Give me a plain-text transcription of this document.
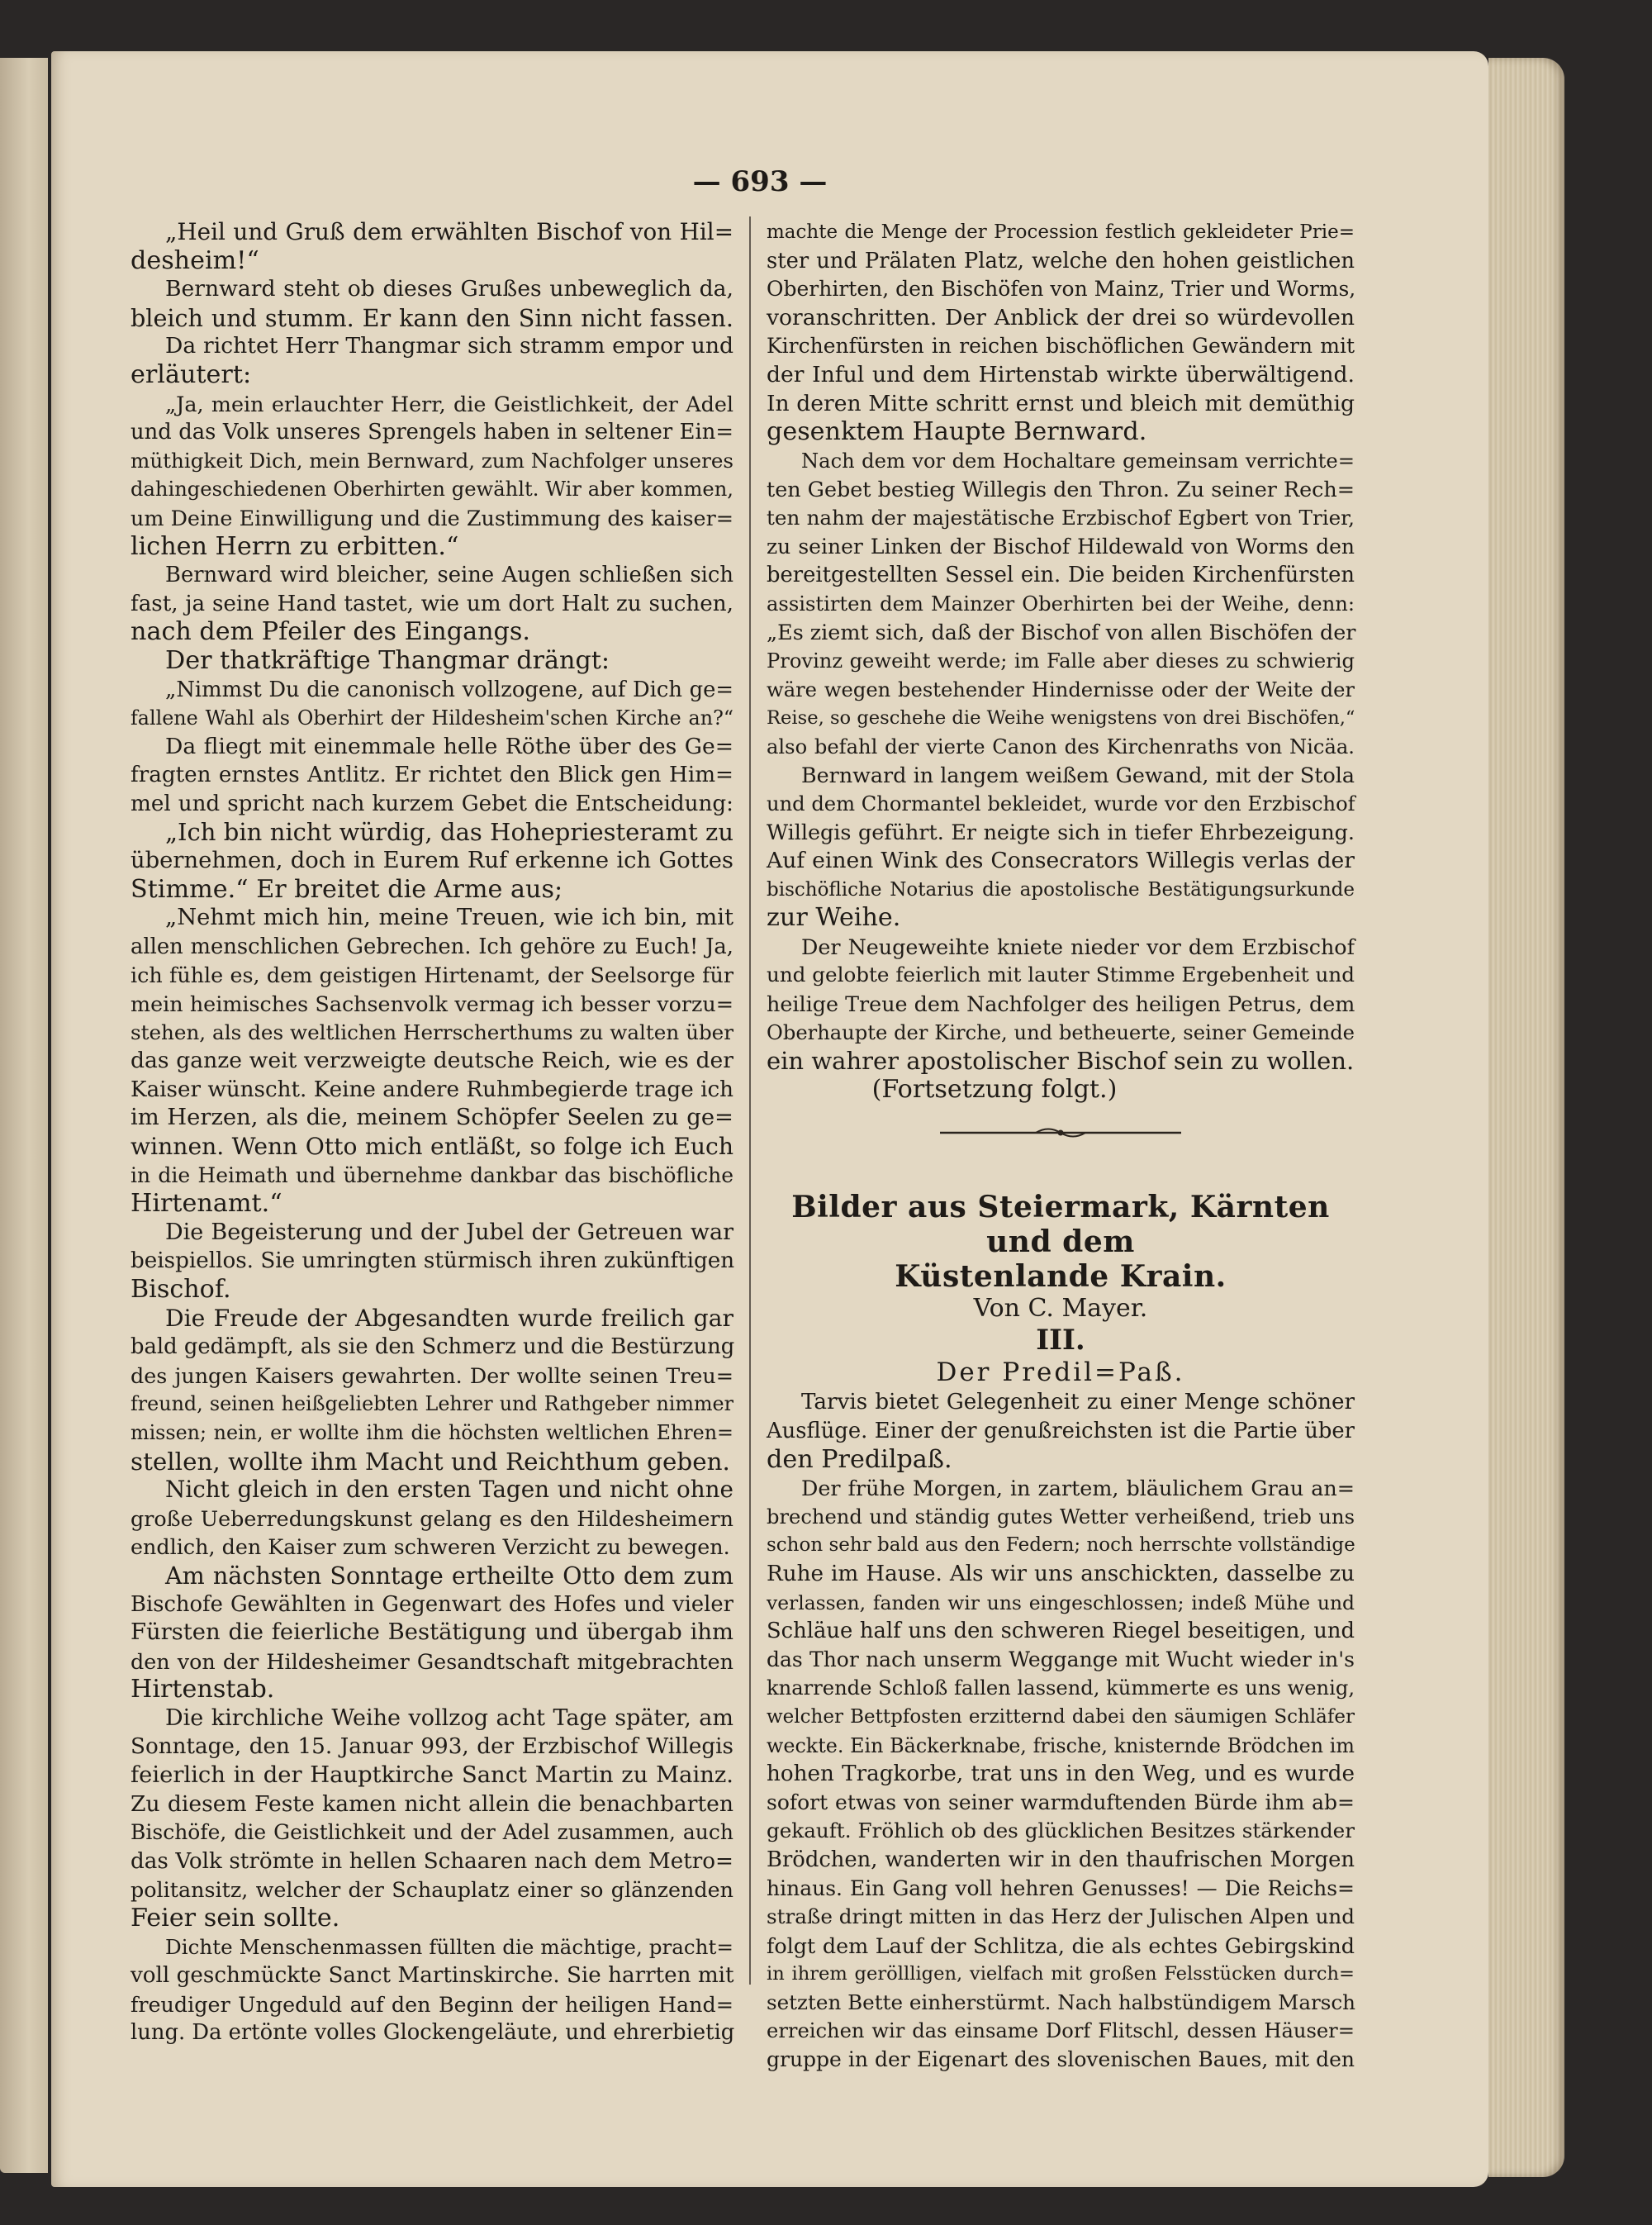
— 693 —
„Heil und Gruß dem erwählten Bischof von Hil=
desheim!“
Bernward steht ob dieses Grußes unbeweglich da,
bleich und stumm. Er kann den Sinn nicht fassen.
Da richtet Herr Thangmar sich stramm empor und
erläutert:
„Ja, mein erlauchter Herr, die Geistlichkeit, der Adel
und das Volk unseres Sprengels haben in seltener Ein=
müthigkeit Dich, mein Bernward, zum Nachfolger unseres
dahingeschiedenen Oberhirten gewählt. Wir aber kommen,
um Deine Einwilligung und die Zustimmung des kaiser=
lichen Herrn zu erbitten.“
Bernward wird bleicher, seine Augen schließen sich
fast, ja seine Hand tastet, wie um dort Halt zu suchen,
nach dem Pfeiler des Eingangs.
Der thatkräftige Thangmar drängt:
„Nimmst Du die canonisch vollzogene, auf Dich ge=
fallene Wahl als Oberhirt der Hildesheim'schen Kirche an?“
Da fliegt mit einemmale helle Röthe über des Ge=
fragten ernstes Antlitz. Er richtet den Blick gen Him=
mel und spricht nach kurzem Gebet die Entscheidung:
„Ich bin nicht würdig, das Hohepriesteramt zu
übernehmen, doch in Eurem Ruf erkenne ich Gottes
Stimme.“ Er breitet die Arme aus;
„Nehmt mich hin, meine Treuen, wie ich bin, mit
allen menschlichen Gebrechen. Ich gehöre zu Euch! Ja,
ich fühle es, dem geistigen Hirtenamt, der Seelsorge für
mein heimisches Sachsenvolk vermag ich besser vorzu=
stehen, als des weltlichen Herrscherthums zu walten über
das ganze weit verzweigte deutsche Reich, wie es der
Kaiser wünscht. Keine andere Ruhmbegierde trage ich
im Herzen, als die, meinem Schöpfer Seelen zu ge=
winnen. Wenn Otto mich entläßt, so folge ich Euch
in die Heimath und übernehme dankbar das bischöfliche
Hirtenamt.“
Die Begeisterung und der Jubel der Getreuen war
beispiellos. Sie umringten stürmisch ihren zukünftigen
Bischof.
Die Freude der Abgesandten wurde freilich gar
bald gedämpft, als sie den Schmerz und die Bestürzung
des jungen Kaisers gewahrten. Der wollte seinen Treu=
freund, seinen heißgeliebten Lehrer und Rathgeber nimmer
missen; nein, er wollte ihm die höchsten weltlichen Ehren=
stellen, wollte ihm Macht und Reichthum geben.
Nicht gleich in den ersten Tagen und nicht ohne
große Ueberredungskunst gelang es den Hildesheimern
endlich, den Kaiser zum schweren Verzicht zu bewegen.
Am nächsten Sonntage ertheilte Otto dem zum
Bischofe Gewählten in Gegenwart des Hofes und vieler
Fürsten die feierliche Bestätigung und übergab ihm
den von der Hildesheimer Gesandtschaft mitgebrachten
Hirtenstab.
Die kirchliche Weihe vollzog acht Tage später, am
Sonntage, den 15. Januar 993, der Erzbischof Willegis
feierlich in der Hauptkirche Sanct Martin zu Mainz.
Zu diesem Feste kamen nicht allein die benachbarten
Bischöfe, die Geistlichkeit und der Adel zusammen, auch
das Volk strömte in hellen Schaaren nach dem Metro=
politansitz, welcher der Schauplatz einer so glänzenden
Feier sein sollte.
Dichte Menschenmassen füllten die mächtige, pracht=
voll geschmückte Sanct Martinskirche. Sie harrten mit
freudiger Ungeduld auf den Beginn der heiligen Hand=
lung. Da ertönte volles Glockengeläute, und ehrerbietig
machte die Menge der Procession festlich gekleideter Prie=
ster und Prälaten Platz, welche den hohen geistlichen
Oberhirten, den Bischöfen von Mainz, Trier und Worms,
voranschritten. Der Anblick der drei so würdevollen
Kirchenfürsten in reichen bischöflichen Gewändern mit
der Inful und dem Hirtenstab wirkte überwältigend.
In deren Mitte schritt ernst und bleich mit demüthig
gesenktem Haupte Bernward.
Nach dem vor dem Hochaltare gemeinsam verrichte=
ten Gebet bestieg Willegis den Thron. Zu seiner Rech=
ten nahm der majestätische Erzbischof Egbert von Trier,
zu seiner Linken der Bischof Hildewald von Worms den
bereitgestellten Sessel ein. Die beiden Kirchenfürsten
assistirten dem Mainzer Oberhirten bei der Weihe, denn:
„Es ziemt sich, daß der Bischof von allen Bischöfen der
Provinz geweiht werde; im Falle aber dieses zu schwierig
wäre wegen bestehender Hindernisse oder der Weite der
Reise, so geschehe die Weihe wenigstens von drei Bischöfen,“
also befahl der vierte Canon des Kirchenraths von Nicäa.
Bernward in langem weißem Gewand, mit der Stola
und dem Chormantel bekleidet, wurde vor den Erzbischof
Willegis geführt. Er neigte sich in tiefer Ehrbezeigung.
Auf einen Wink des Consecrators Willegis verlas der
bischöfliche Notarius die apostolische Bestätigungsurkunde
zur Weihe.
Der Neugeweihte kniete nieder vor dem Erzbischof
und gelobte feierlich mit lauter Stimme Ergebenheit und
heilige Treue dem Nachfolger des heiligen Petrus, dem
Oberhaupte der Kirche, und betheuerte, seiner Gemeinde
ein wahrer apostolischer Bischof sein zu wollen.
(Fortsetzung folgt.)
Bilder aus Steiermark, Kärnten und dem
Küstenlande Krain.
Von C. Mayer.
III.
Der Predil=Paß.
Tarvis bietet Gelegenheit zu einer Menge schöner
Ausflüge. Einer der genußreichsten ist die Partie über
den Predilpaß.
Der frühe Morgen, in zartem, bläulichem Grau an=
brechend und ständig gutes Wetter verheißend, trieb uns
schon sehr bald aus den Federn; noch herrschte vollständige
Ruhe im Hause. Als wir uns anschickten, dasselbe zu
verlassen, fanden wir uns eingeschlossen; indeß Mühe und
Schläue half uns den schweren Riegel beseitigen, und
das Thor nach unserm Weggange mit Wucht wieder in's
knarrende Schloß fallen lassend, kümmerte es uns wenig,
welcher Bettpfosten erzitternd dabei den säumigen Schläfer
weckte. Ein Bäckerknabe, frische, knisternde Brödchen im
hohen Tragkorbe, trat uns in den Weg, und es wurde
sofort etwas von seiner warmduftenden Bürde ihm ab=
gekauft. Fröhlich ob des glücklichen Besitzes stärkender
Brödchen, wanderten wir in den thaufrischen Morgen
hinaus. Ein Gang voll hehren Genusses! — Die Reichs=
straße dringt mitten in das Herz der Julischen Alpen und
folgt dem Lauf der Schlitza, die als echtes Gebirgskind
in ihrem geröllligen, vielfach mit großen Felsstücken durch=
setzten Bette einherstürmt. Nach halbstündigem Marsch
erreichen wir das einsame Dorf Flitschl, dessen Häuser=
gruppe in der Eigenart des slovenischen Baues, mit den
